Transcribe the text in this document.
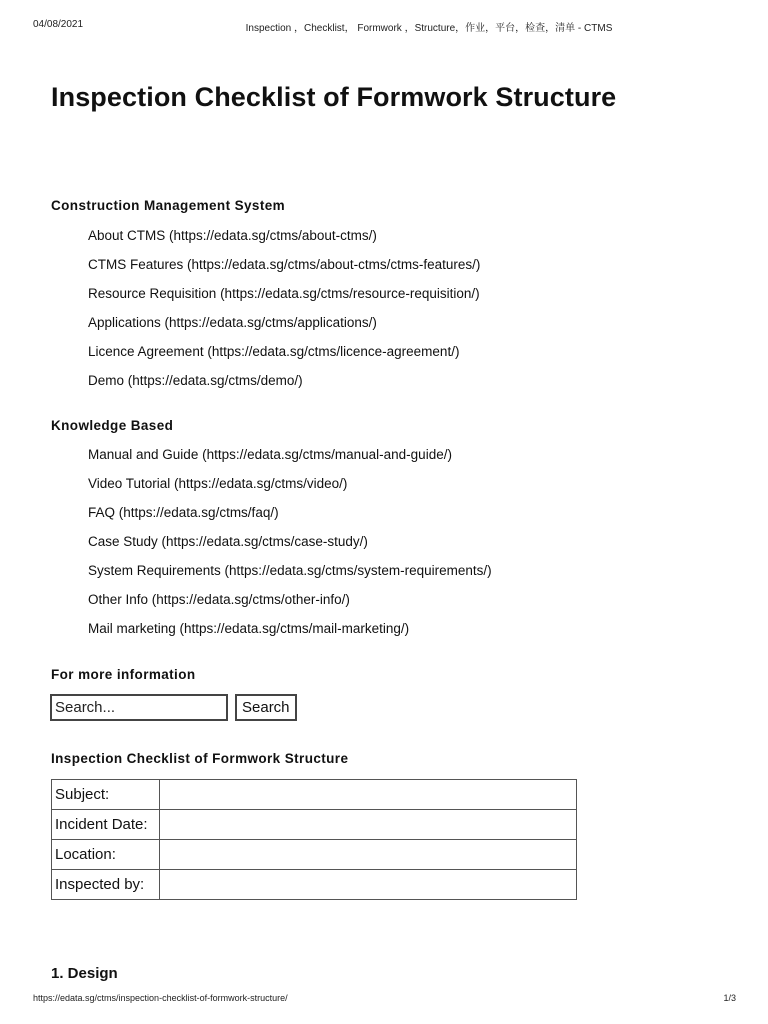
04/08/2021	Inspection ，Checklist， Formwork ，Structure，作业，平台，检查，清单 - CTMS
Inspection Checklist of Formwork Structure
Construction Management System
About CTMS (https://edata.sg/ctms/about-ctms/)
CTMS Features (https://edata.sg/ctms/about-ctms/ctms-features/)
Resource Requisition (https://edata.sg/ctms/resource-requisition/)
Applications (https://edata.sg/ctms/applications/)
Licence Agreement (https://edata.sg/ctms/licence-agreement/)
Demo (https://edata.sg/ctms/demo/)
Knowledge Based
Manual and Guide (https://edata.sg/ctms/manual-and-guide/)
Video Tutorial (https://edata.sg/ctms/video/)
FAQ (https://edata.sg/ctms/faq/)
Case Study (https://edata.sg/ctms/case-study/)
System Requirements (https://edata.sg/ctms/system-requirements/)
Other Info (https://edata.sg/ctms/other-info/)
Mail marketing (https://edata.sg/ctms/mail-marketing/)
For more information
Search...
Search
Inspection Checklist of Formwork Structure
Subject:	
Incident Date:	
Location:	
Inspected by:	
1. Design
https://edata.sg/ctms/inspection-checklist-of-formwork-structure/	1/3
